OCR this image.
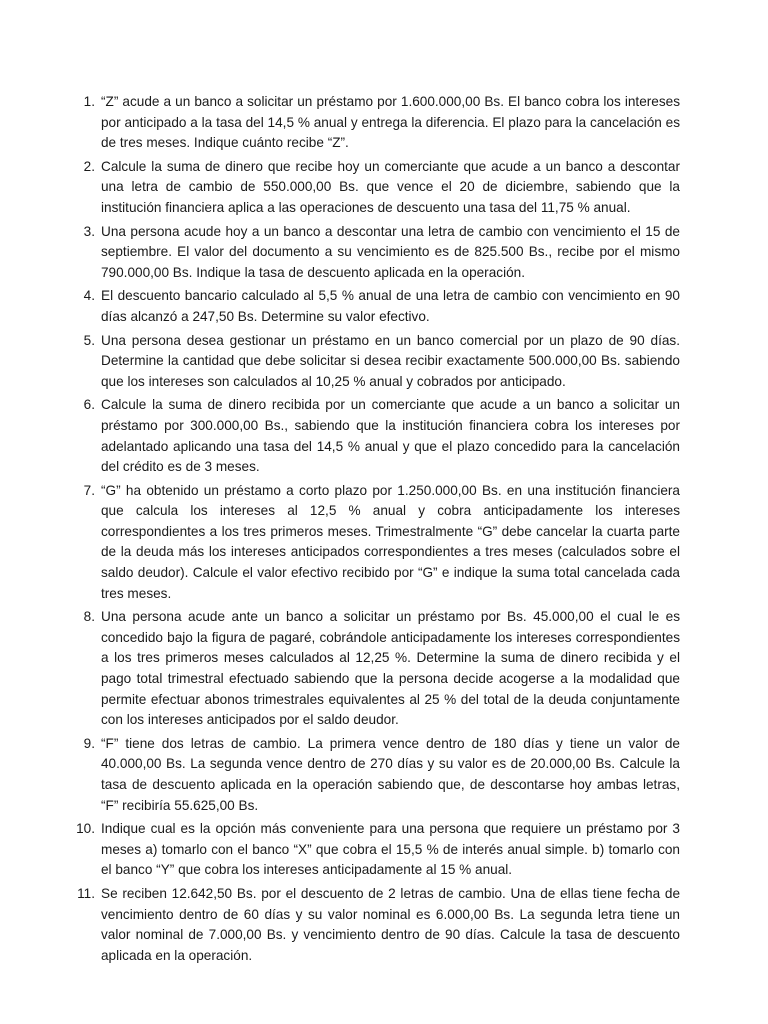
1. “Z” acude a un banco a solicitar un préstamo por 1.600.000,00 Bs. El banco cobra los intereses por anticipado a la tasa del 14,5 % anual y entrega la diferencia. El plazo para la cancelación es de tres meses. Indique cuánto recibe “Z”.
2. Calcule la suma de dinero que recibe hoy un comerciante que acude a un banco a descontar una letra de cambio de 550.000,00 Bs. que vence el 20 de diciembre, sabiendo que la institución financiera aplica a las operaciones de descuento una tasa del 11,75 % anual.
3. Una persona acude hoy a un banco a descontar una letra de cambio con vencimiento el 15 de septiembre. El valor del documento a su vencimiento es de 825.500 Bs., recibe por el mismo 790.000,00 Bs. Indique la tasa de descuento aplicada en la operación.
4. El descuento bancario calculado al 5,5 % anual de una letra de cambio con vencimiento en 90 días alcanzó a 247,50 Bs. Determine su valor efectivo.
5. Una persona desea gestionar un préstamo en un banco comercial por un plazo de 90 días. Determine la cantidad que debe solicitar si desea recibir exactamente 500.000,00 Bs. sabiendo que los intereses son calculados al 10,25 % anual y cobrados por anticipado.
6. Calcule la suma de dinero recibida por un comerciante que acude a un banco a solicitar un préstamo por 300.000,00 Bs., sabiendo que la institución financiera cobra los intereses por adelantado aplicando una tasa del 14,5 % anual y que el plazo concedido para la cancelación del crédito es de 3 meses.
7. “G” ha obtenido un préstamo a corto plazo por 1.250.000,00 Bs. en una institución financiera que calcula los intereses al 12,5 % anual y cobra anticipadamente los intereses correspondientes a los tres primeros meses. Trimestralmente “G” debe cancelar la cuarta parte de la deuda más los intereses anticipados correspondientes a tres meses (calculados sobre el saldo deudor). Calcule el valor efectivo recibido por “G” e indique la suma total cancelada cada tres meses.
8. Una persona acude ante un banco a solicitar un préstamo por Bs. 45.000,00 el cual le es concedido bajo la figura de pagaré, cobrándole anticipadamente los intereses correspondientes a los tres primeros meses calculados al 12,25 %. Determine la suma de dinero recibida y el pago total trimestral efectuado sabiendo que la persona decide acogerse a la modalidad que permite efectuar abonos trimestrales equivalentes al 25 % del total de la deuda conjuntamente con los intereses anticipados por el saldo deudor.
9. “F” tiene dos letras de cambio. La primera vence dentro de 180 días y tiene un valor de 40.000,00 Bs. La segunda vence dentro de 270 días y su valor es de 20.000,00 Bs. Calcule la tasa de descuento aplicada en la operación sabiendo que, de descontarse hoy ambas letras, “F” recibiría 55.625,00 Bs.
10. Indique cual es la opción más conveniente para una persona que requiere un préstamo por 3 meses a) tomarlo con el banco “X” que cobra el 15,5 % de interés anual simple. b) tomarlo con el banco “Y” que cobra los intereses anticipadamente al 15 % anual.
11. Se reciben 12.642,50 Bs. por el descuento de 2 letras de cambio. Una de ellas tiene fecha de vencimiento dentro de 60 días y su valor nominal es 6.000,00 Bs. La segunda letra tiene un valor nominal de 7.000,00 Bs. y vencimiento dentro de 90 días. Calcule la tasa de descuento aplicada en la operación.
